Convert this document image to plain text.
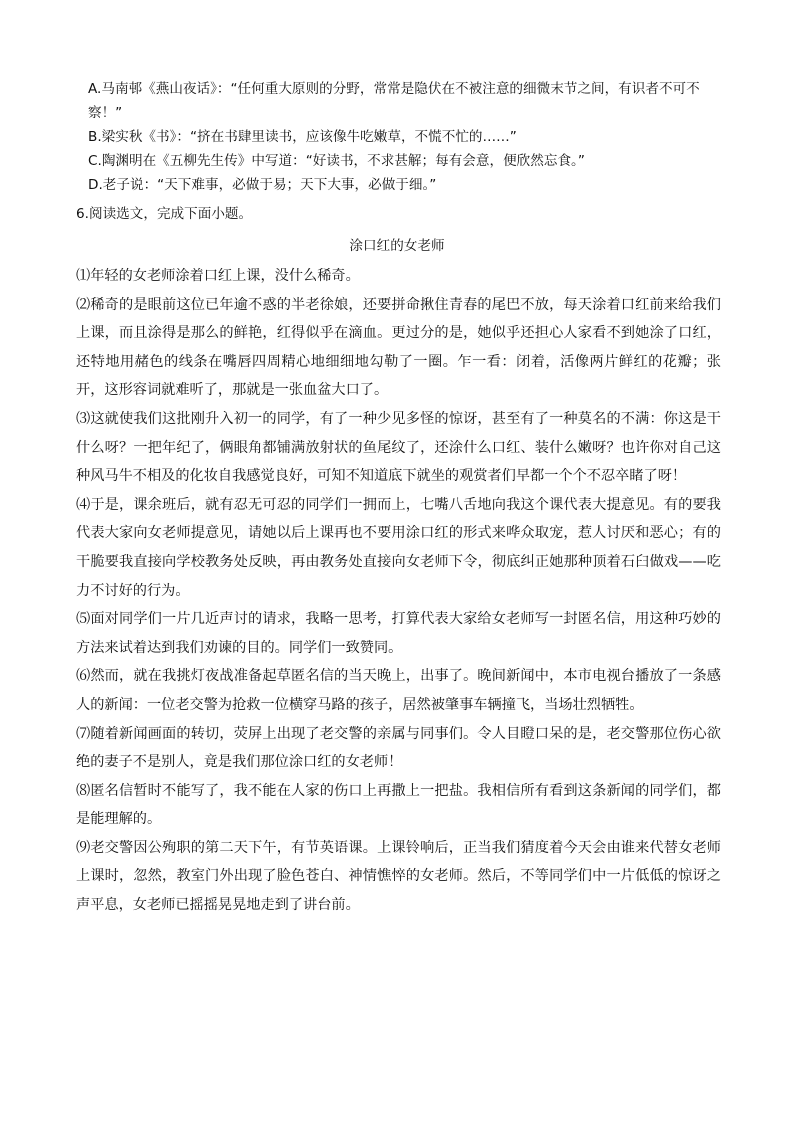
A.马南邨《燕山夜话》：“任何重大原则的分野，常常是隐伏在不被注意的细微末节之间，有识者不可不察！”

B.梁实秋《书》：“挤在书肆里读书，应该像牛吃嫩草，不慌不忙的……”

C.陶渊明在《五柳先生传》中写道：“好读书，不求甚解；每有会意，便欣然忘食。”

D.老子说：“天下难事，必做于易；天下大事，必做于细。”

6.阅读选文，完成下面小题。

涂口红的女老师

⑴年轻的女老师涂着口红上课，没什么稀奇。

⑵稀奇的是眼前这位已年逾不惑的半老徐娘，还要拼命揪住青春的尾巴不放，每天涂着口红前来给我们上课，而且涂得是那么的鲜艳，红得似乎在滴血。更过分的是，她似乎还担心人家看不到她涂了口红，还特地用赭色的线条在嘴唇四周精心地细细地勾勒了一圈。乍一看：闭着，活像两片鲜红的花瓣；张开，这形容词就难听了，那就是一张血盆大口了。

⑶这就使我们这批刚升入初一的同学，有了一种少见多怪的惊讶，甚至有了一种莫名的不满：你这是干什么呀？一把年纪了，俩眼角都铺满放射状的鱼尾纹了，还涂什么口红、装什么嫩呀？也许你对自己这种风马牛不相及的化妆自我感觉良好，可知不知道底下就坐的观赏者们早都一个个不忍卒睹了呀！

⑷于是，课余班后，就有忍无可忍的同学们一拥而上，七嘴八舌地向我这个课代表大提意见。有的要我代表大家向女老师提意见，请她以后上课再也不要用涂口红的形式来哗众取宠，惹人讨厌和恶心；有的干脆要我直接向学校教务处反映，再由教务处直接向女老师下令，彻底纠正她那种顶着石臼做戏——吃力不讨好的行为。

⑸面对同学们一片几近声讨的请求，我略一思考，打算代表大家给女老师写一封匿名信，用这种巧妙的方法来试着达到我们劝谏的目的。同学们一致赞同。

⑹然而，就在我挑灯夜战准备起草匿名信的当天晚上，出事了。晚间新闻中，本市电视台播放了一条感人的新闻：一位老交警为抢救一位横穿马路的孩子，居然被肇事车辆撞飞，当场壮烈牺牲。

⑺随着新闻画面的转切，荧屏上出现了老交警的亲属与同事们。令人目瞪口呆的是，老交警那位伤心欲绝的妻子不是别人，竟是我们那位涂口红的女老师！

⑻匿名信暂时不能写了，我不能在人家的伤口上再撒上一把盐。我相信所有看到这条新闻的同学们，都是能理解的。

⑼老交警因公殉职的第二天下午，有节英语课。上课铃响后，正当我们猜度着今天会由谁来代替女老师上课时，忽然，教室门外出现了脸色苍白、神情憔悴的女老师。然后，不等同学们中一片低低的惊讶之声平息，女老师已摇摇晃晃地走到了讲台前。
